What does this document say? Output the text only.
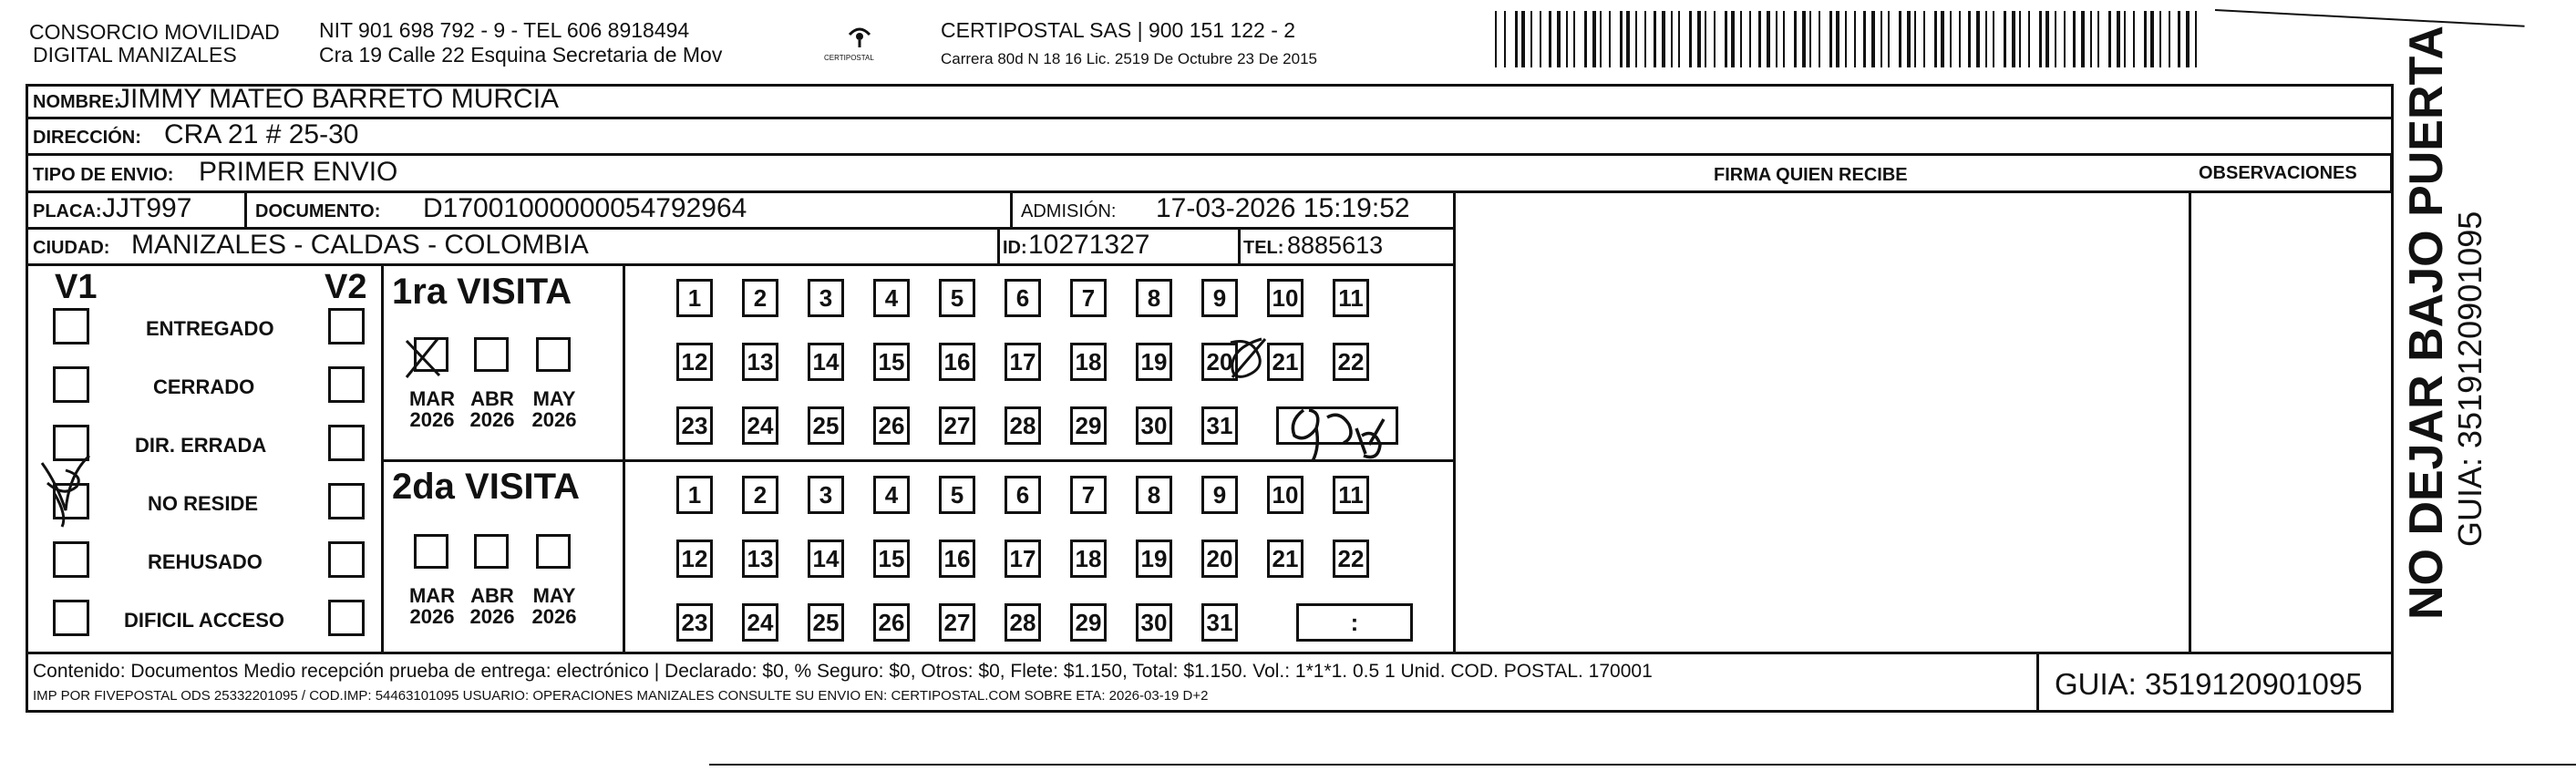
CONSORCIO MOVILIDAD
DIGITAL MANIZALES
NIT 901 698 792 - 9 - TEL 606 8918494
Cra 19 Calle 22 Esquina Secretaria de Mov	CERTIPOSTAL
CERTIPOSTAL SAS | 900 151 122 - 2
Carrera 80d N 18 16 Lic. 2519 De Octubre 23 De 2015
NOMBRE:
JIMMY MATEO BARRETO MURCIA
DIRECCIÓN: CRA 21 # 25-30
TIPO DE ENVIO: PRIMER ENVIO	FIRMA QUIEN RECIBE	OBSERVACIONES
PLACA: JJT997	DOCUMENTO: D17001000000054792964	ADMISIÓN: 17-03-2026 15:19:52
CIUDAD: MANIZALES - CALDAS - COLOMBIA	ID: 10271327	TEL: 8885613
V1	V2
ENTREGADO
CERRADO
DIR. ERRADA
NO RESIDE
REHUSADO
DIFICIL ACCESO
1ra VISITA
2da VISITA
MAR
2026
ABR
2026
MAY
2026
1	2	3	4	5	6	7	8	9	10 11
12 13 14 15 16 17 18 19 20 21 22
23 24 25 26 27 28 29 30 31
MAR
2026
ABR
2026
MAY
2026
1	2	3	4	5	6	7	8	9	10 11
12 13 14 15 16 17 18 19 20 21 22
23 24 25 26 27 28 29 30 31	:
NO DEJAR BAJO PUERTA
GUIA: 3519120901095
Contenido: Documentos Medio recepción prueba de entrega: electrónico | Declarado: $0, % Seguro: $0, Otros: $0, Flete: $1.150, Total: $1.150. Vol.: 1*1*1. 0.5 1 Unid. COD. POSTAL. 170001
IMP POR FIVEPOSTAL ODS 25332201095 / COD.IMP: 54463101095 USUARIO: OPERACIONES MANIZALES CONSULTE SU ENVIO EN: CERTIPOSTAL.COM SOBRE ETA: 2026-03-19 D+2	GUIA: 3519120901095
